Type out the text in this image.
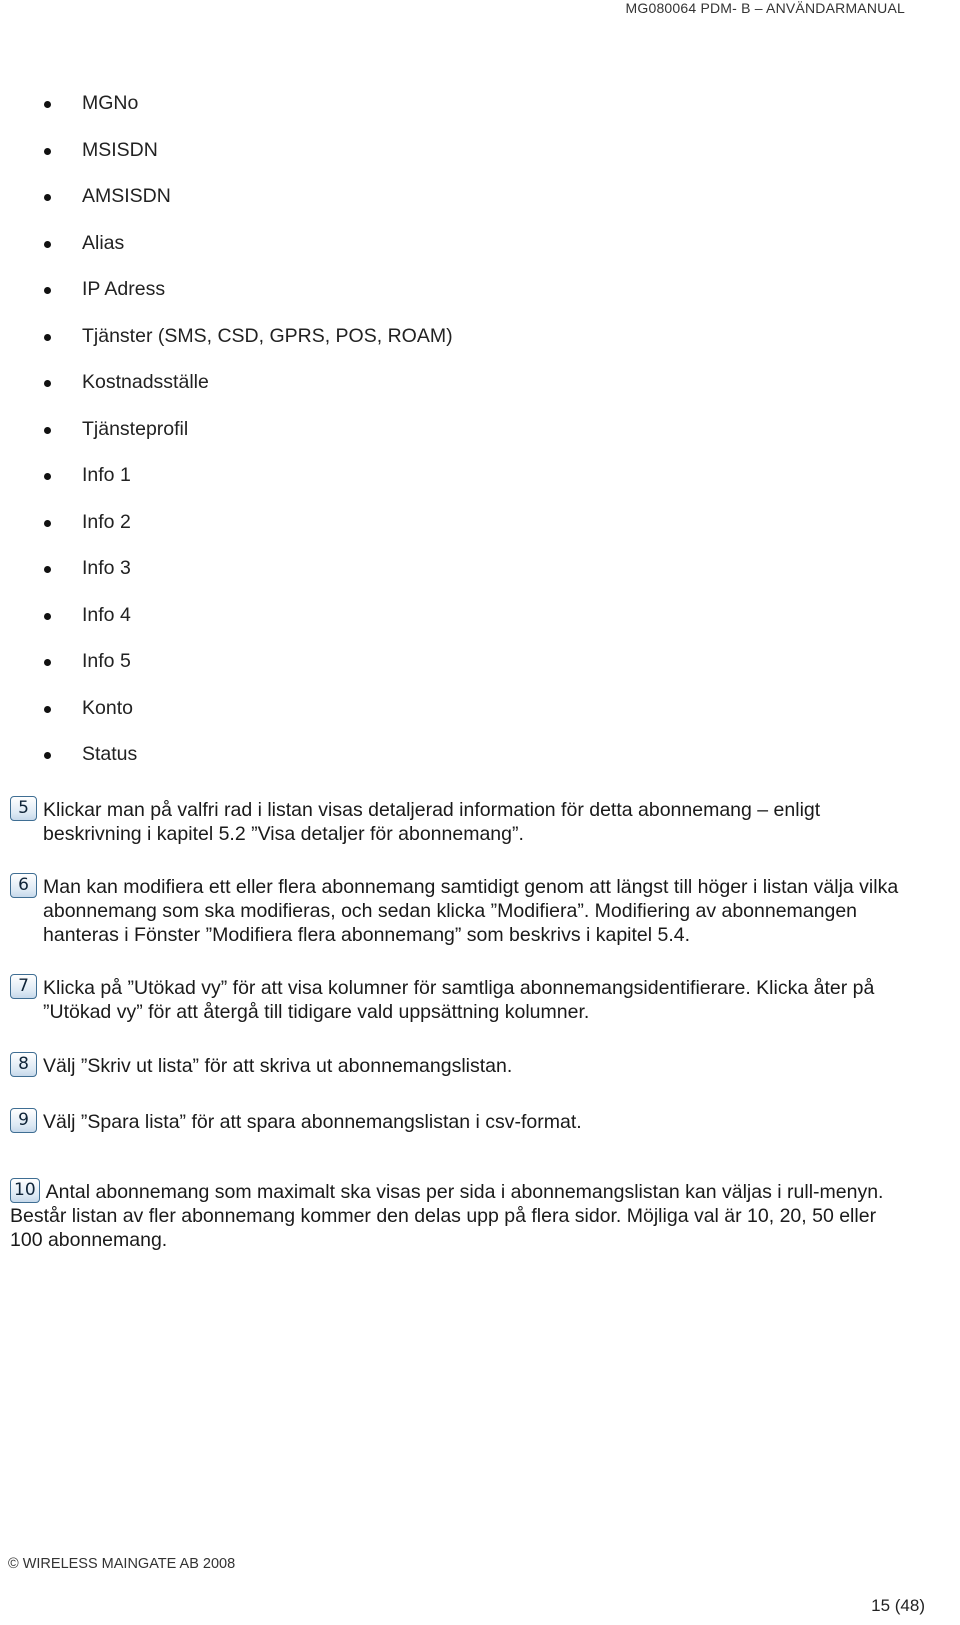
MG080064 PDM- B – ANVÄNDARMANUAL
MGNo
MSISDN
AMSISDN
Alias
IP Adress
Tjänster (SMS, CSD, GPRS, POS, ROAM)
Kostnadsställe
Tjänsteprofil
Info 1
Info 2
Info 3
Info 4
Info 5
Konto
Status
5 Klickar man på valfri rad i listan visas detaljerad information för detta abonnemang – enligt beskrivning i kapitel 5.2 ”Visa detaljer för abonnemang”.
6 Man kan modifiera ett eller flera abonnemang samtidigt genom att längst till höger i listan välja vilka abonnemang som ska modifieras, och sedan klicka ”Modifiera”. Modifiering av abonnemangen hanteras i Fönster ”Modifiera flera abonnemang” som beskrivs i kapitel 5.4.
7 Klicka på ”Utökad vy” för att visa kolumner för samtliga abonnemangsidentifierare. Klicka åter på ”Utökad vy” för att återgå till tidigare vald uppsättning kolumner.
8 Välj ”Skriv ut lista” för att skriva ut abonnemangslistan.
9 Välj ”Spara lista” för att spara abonnemangslistan i csv-format.
10 Antal abonnemang som maximalt ska visas per sida i abonnemangslistan kan väljas i rull-menyn. Består listan av fler abonnemang kommer den delas upp på flera sidor. Möjliga val är 10, 20, 50 eller 100 abonnemang.
© WIRELESS MAINGATE AB 2008
15 (48)
